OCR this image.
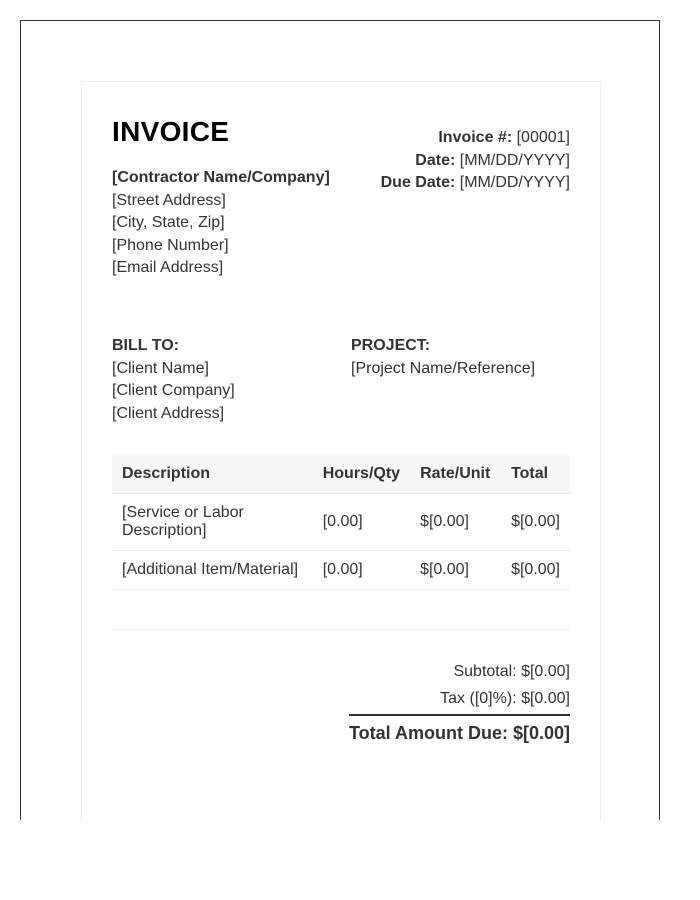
INVOICE
[Contractor Name/Company]
[Street Address]
[City, State, Zip]
[Phone Number]
[Email Address]
Invoice #: [00001]
Date: [MM/DD/YYYY]
Due Date: [MM/DD/YYYY]
BILL TO:
[Client Name]
[Client Company]
[Client Address]
PROJECT:
[Project Name/Reference]
Description	Hours/Qty	Rate/Unit	Total
[Service or Labor Description]	[0.00]	$[0.00]	$[0.00]
[Additional Item/Material]	[0.00]	$[0.00]	$[0.00]
Subtotal: $[0.00]
Tax ([0]%): $[0.00]
Total Amount Due: $[0.00]
